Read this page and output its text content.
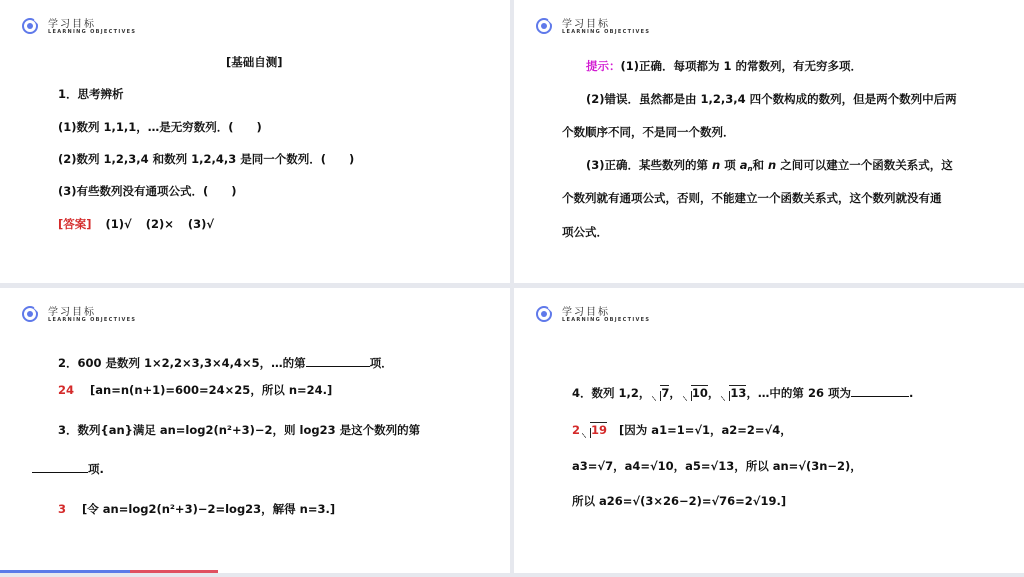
学习目标
LEARNING OBJECTIVES
[基础自测]
1．思考辨析
(1)数列 1,1,1，…是无穷数列．(　　)
(2)数列 1,2,3,4 和数列 1,2,4,3 是同一个数列．(　　)
(3)有些数列没有通项公式．(　　)
[答案] (1)√ (2)× (3)√
学习目标
LEARNING OBJECTIVES
提示：(1)正确．每项都为 1 的常数列，有无穷多项．
(2)错误．虽然都是由 1,2,3,4 四个数构成的数列，但是两个数列中后两
个数顺序不同，不是同一个数列．
(3)正确．某些数列的第 n 项 $a_n$和 n 之间可以建立一个函数关系式，这
个数列就有通项公式，否则，不能建立一个函数关系式，这个数列就没有通
项公式．
学习目标
LEARNING OBJECTIVES
2．600 是数列 1×2,2×3,3×4,4×5，…的第	项．
24 [an=n(n+1)=600=24×25，所以 n=24.]
3．数列{an}满足 an=log2(n²+3)−2，则 log23 是这个数列的第
项.
3 [令 an=log2(n²+3)−2=log23，解得 n=3.]
学习目标
LEARNING OBJECTIVES
4．数列 1,2， 7， 10， 13，…中的第 26 项为	.
2 19 [因为 a1=1=√1，a2=2=√4，
a3=√7，a4=√10，a5=√13，所以 an=√(3n−2)，
所以 a26=√(3×26−2)=√76=2√19.]
